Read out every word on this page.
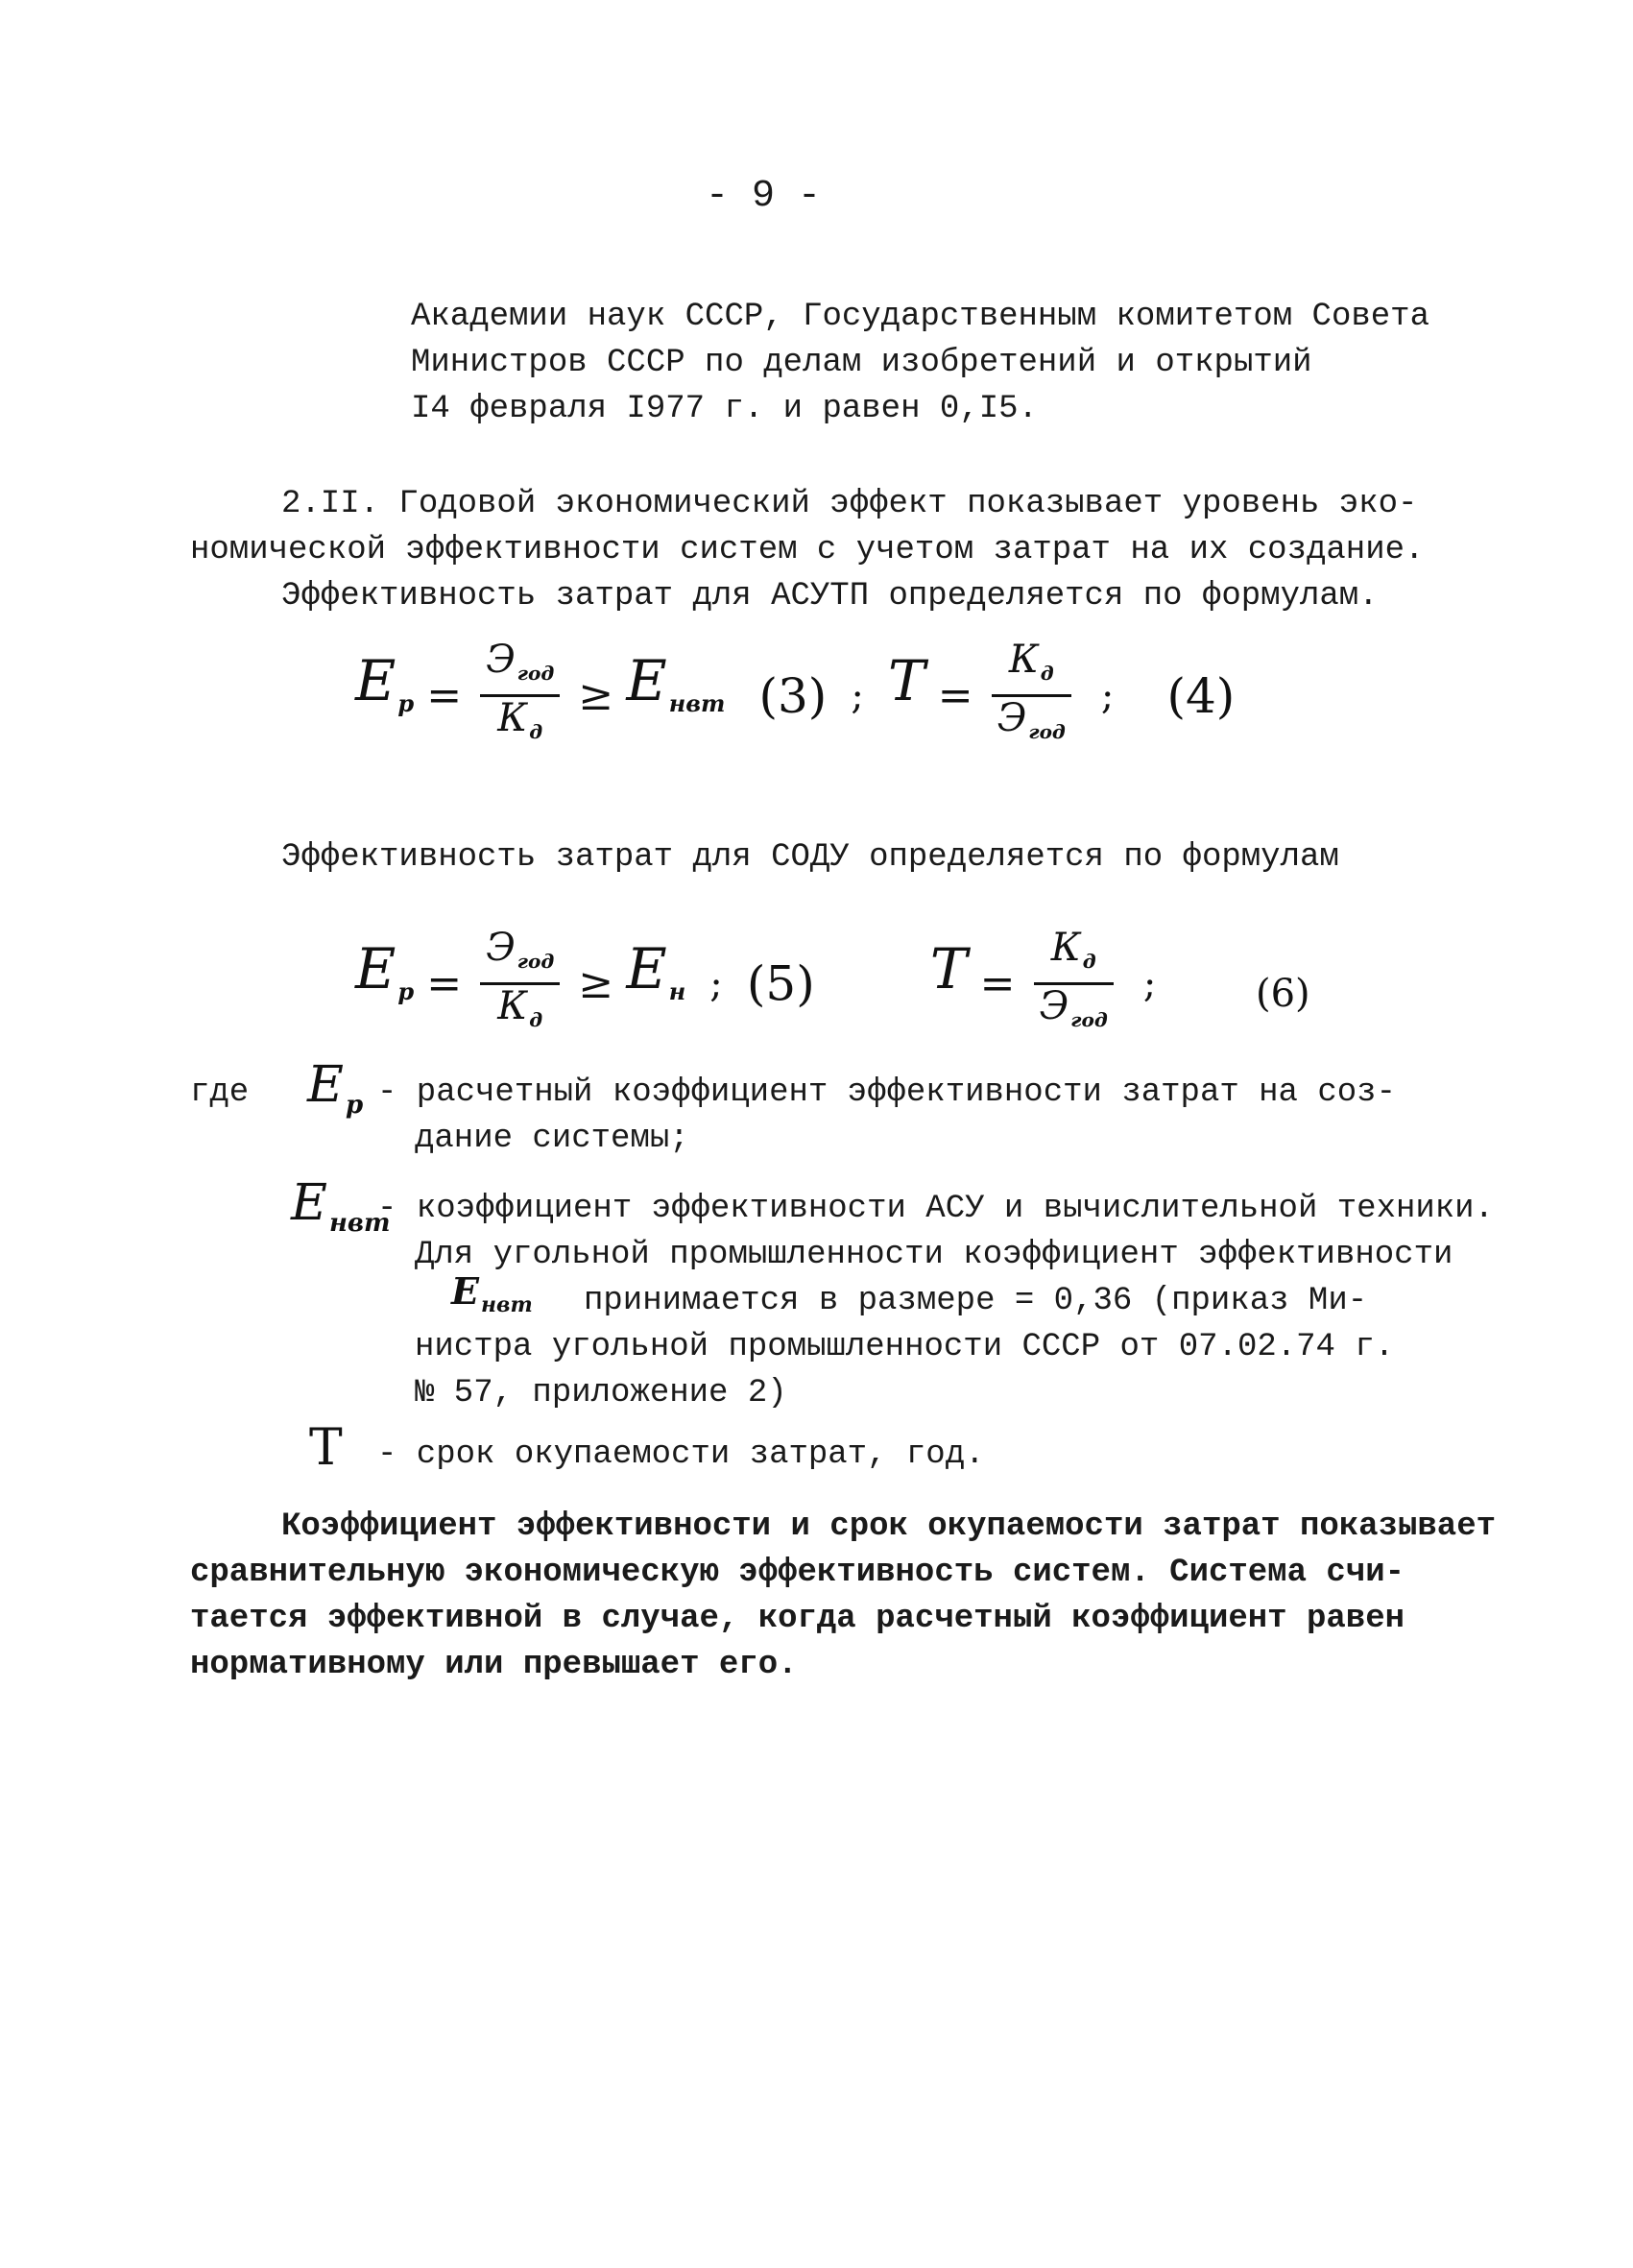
- 9 -
Академии наук СССР, Государственным комитетом Совета
Министров СССР по делам изобретений и открытий
I4 февраля I977 г. и равен 0,I5.
2.II. Годовой экономический эффект показывает уровень эко-
номической эффективности систем с учетом затрат на их создание.
Эффективность затрат для АСУТП определяется по формулам.
$E_р = \frac{Э _{год}}{К _д} \ge E_{нвт}$ (3) ; $T = \frac{К _д}{Э _{год}}$ ; (4)
Эффективность затрат для СОДУ определяется по формулам
$E_р = \frac{Э _{год}}{К _д} \ge E_н$ ; (5) $T = \frac{К _д}{Э _{год}}$ ;	(6)
где $E_р$ - расчетный коэффициент эффективности затрат на соз-
дание системы;
$E_{нвт}$
- коэффициент эффективности АСУ и вычислительной техники.
Для угольной промышленности коэффициент эффективности
$E_{нвт}$ принимается в размере = 0,36 (приказ Ми-
нистра угольной промышленности СССР от 07.02.74 г.
№ 57, приложение 2)
T - срок окупаемости затрат, год.
Коэффициент эффективности и срок окупаемости затрат показывает
сравнительную экономическую эффективность систем. Система счи-
тается эффективной в случае, когда расчетный коэффициент равен
нормативному или превышает его.
